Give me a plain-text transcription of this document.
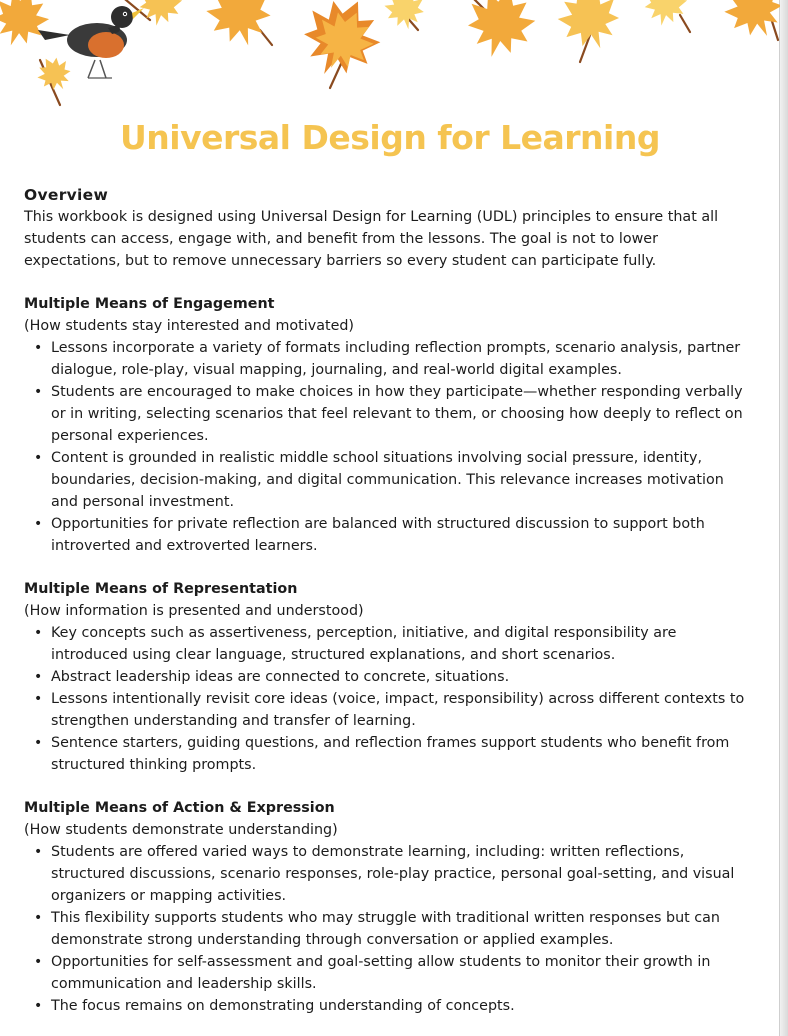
Universal Design for Learning

Overview

This workbook is designed using Universal Design for Learning (UDL) principles to ensure that all students can access, engage with, and benefit from the lessons. The goal is not to lower expectations, but to remove unnecessary barriers so every student can participate fully.

Multiple Means of Engagement

(How students stay interested and motivated)

• Lessons incorporate a variety of formats including reflection prompts, scenario analysis, partner dialogue, role-play, visual mapping, journaling, and real-world digital examples.
• Students are encouraged to make choices in how they participate—whether responding verbally or in writing, selecting scenarios that feel relevant to them, or choosing how deeply to reflect on personal experiences.
• Content is grounded in realistic middle school situations involving social pressure, identity, boundaries, decision-making, and digital communication. This relevance increases motivation and personal investment.
• Opportunities for private reflection are balanced with structured discussion to support both introverted and extroverted learners.

Multiple Means of Representation

(How information is presented and understood)

• Key concepts such as assertiveness, perception, initiative, and digital responsibility are introduced using clear language, structured explanations, and short scenarios.
• Abstract leadership ideas are connected to concrete, situations.
• Lessons intentionally revisit core ideas (voice, impact, responsibility) across different contexts to strengthen understanding and transfer of learning.
• Sentence starters, guiding questions, and reflection frames support students who benefit from structured thinking prompts.

Multiple Means of Action & Expression

(How students demonstrate understanding)

• Students are offered varied ways to demonstrate learning, including: written reflections, structured discussions, scenario responses, role-play practice, personal goal-setting, and visual organizers or mapping activities.
• This flexibility supports students who may struggle with traditional written responses but can demonstrate strong understanding through conversation or applied examples.
• Opportunities for self-assessment and goal-setting allow students to monitor their growth in communication and leadership skills.
• The focus remains on demonstrating understanding of concepts.
